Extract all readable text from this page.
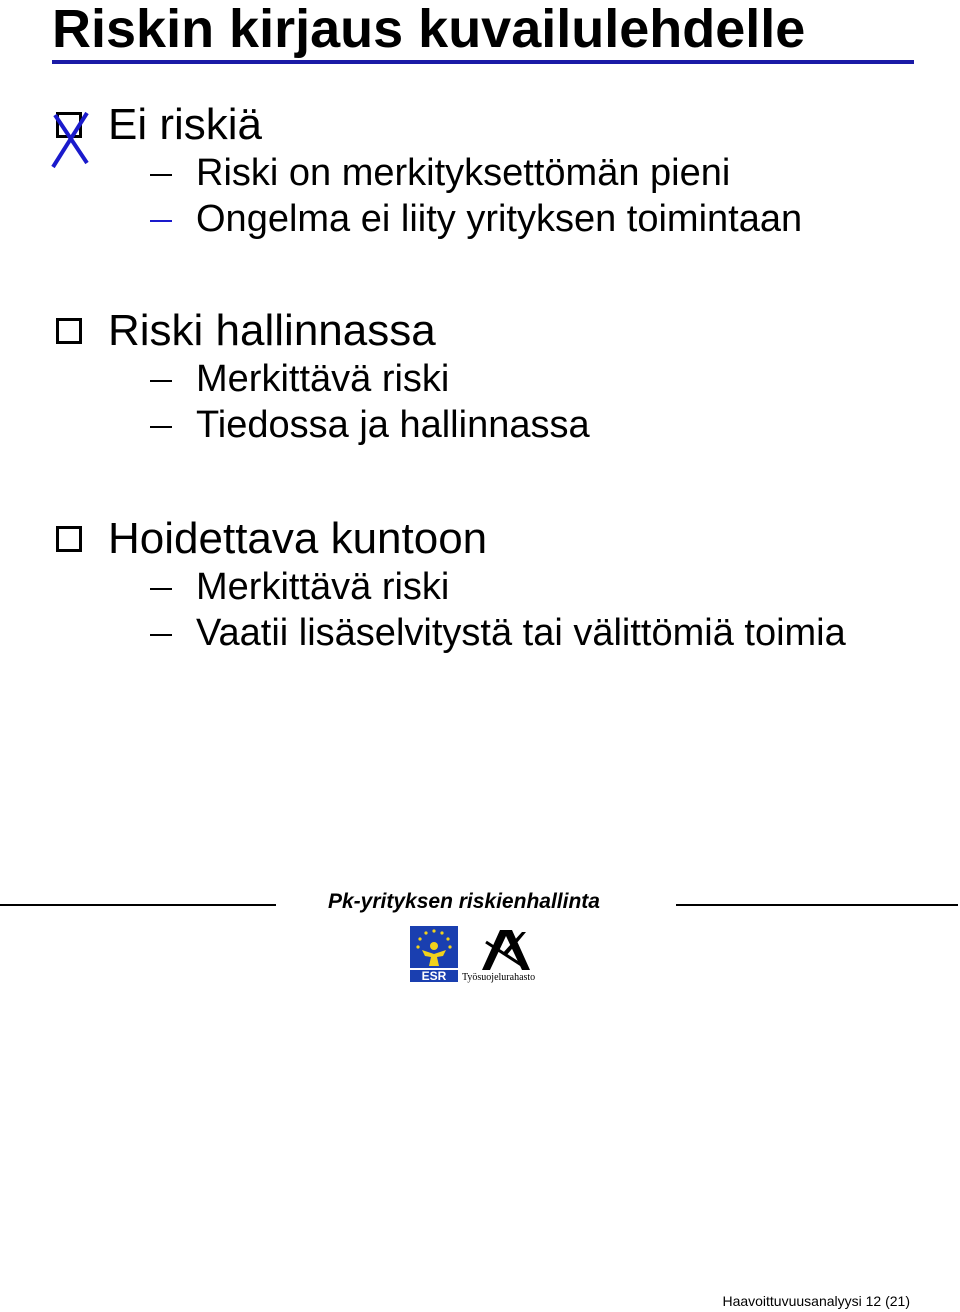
Riskin kirjaus kuvailulehdelle
Ei riskiä
Riski on merkityksettömän pieni
Ongelma ei liity yrityksen toimintaan
Riski hallinnassa
Merkittävä riski
Tiedossa ja hallinnassa
Hoidettava kuntoon
Merkittävä riski
Vaatii lisäselvitystä tai välittömiä toimia
Pk-yrityksen riskienhallinta
ESR Työsuojelurahasto
Haavoittuvuusanalyysi 12 (21)
